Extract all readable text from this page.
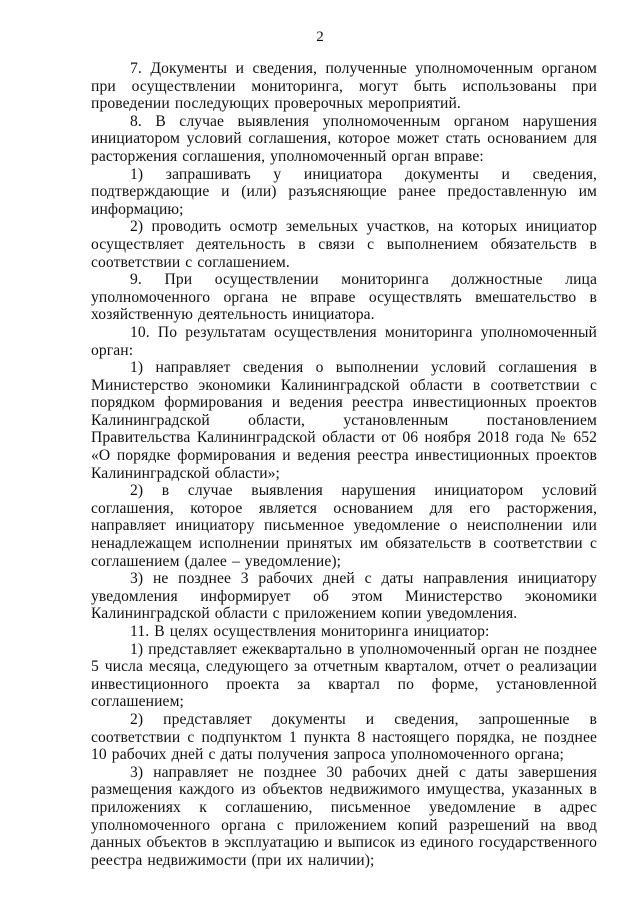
2

7. Документы и сведения, полученные уполномоченным органом при осуществлении мониторинга, могут быть использованы при проведении последующих проверочных мероприятий.

8. В случае выявления уполномоченным органом нарушения инициатором условий соглашения, которое может стать основанием для расторжения соглашения, уполномоченный орган вправе:

1) запрашивать у инициатора документы и сведения, подтверждающие и (или) разъясняющие ранее предоставленную им информацию;

2) проводить осмотр земельных участков, на которых инициатор осуществляет деятельность в связи с выполнением обязательств в соответствии с соглашением.

9. При осуществлении мониторинга должностные лица уполномоченного органа не вправе осуществлять вмешательство в хозяйственную деятельность инициатора.

10. По результатам осуществления мониторинга уполномоченный орган:

1) направляет сведения о выполнении условий соглашения в Министерство экономики Калининградской области в соответствии с порядком формирования и ведения реестра инвестиционных проектов Калининградской области, установленным постановлением Правительства Калининградской области от 06 ноября 2018 года № 652 «О порядке формирования и ведения реестра инвестиционных проектов Калининградской области»;

2) в случае выявления нарушения инициатором условий соглашения, которое является основанием для его расторжения, направляет инициатору письменное уведомление о неисполнении или ненадлежащем исполнении принятых им обязательств в соответствии с соглашением (далее – уведомление);

3) не позднее 3 рабочих дней с даты направления инициатору уведомления информирует об этом Министерство экономики Калининградской области с приложением копии уведомления.

11. В целях осуществления мониторинга инициатор:

1) представляет ежеквартально в уполномоченный орган не позднее 5 числа месяца, следующего за отчетным кварталом, отчет о реализации инвестиционного проекта за квартал по форме, установленной соглашением;

2) представляет документы и сведения, запрошенные в соответствии с подпунктом 1 пункта 8 настоящего порядка, не позднее 10 рабочих дней с даты получения запроса уполномоченного органа;

3) направляет не позднее 30 рабочих дней с даты завершения размещения каждого из объектов недвижимого имущества, указанных в приложениях к соглашению, письменное уведомление в адрес уполномоченного органа с приложением копий разрешений на ввод данных объектов в эксплуатацию и выписок из единого государственного реестра недвижимости (при их наличии);
